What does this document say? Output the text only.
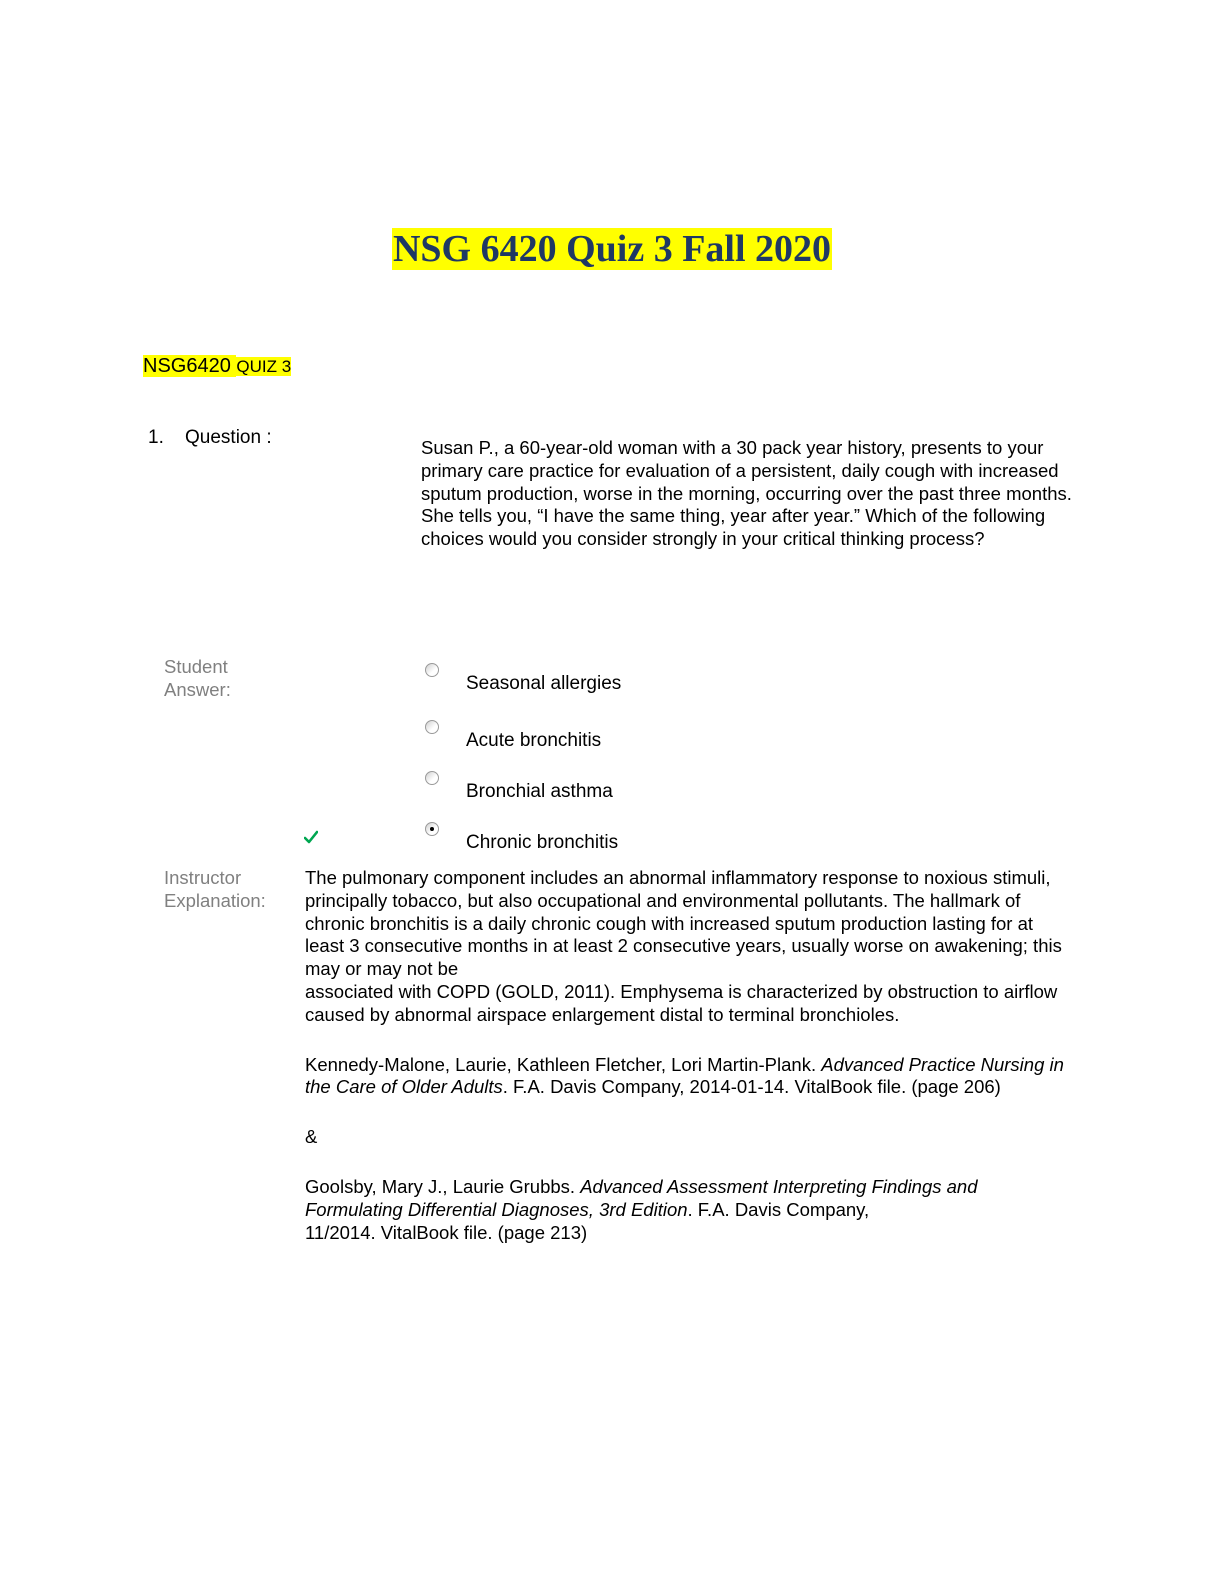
NSG 6420 Quiz 3 Fall 2020
NSG6420 QUIZ 3
1. Question :	Susan P., a 60-year-old woman with a 30 pack year history, presents to your primary care practice for evaluation of a persistent, daily cough with increased sputum production, worse in the morning, occurring over the past three months. She tells you, “I have the same thing, year after year.” Which of the following choices would you consider strongly in your critical thinking process?
Student
Answer:	Seasonal allergies
Acute bronchitis
Bronchial asthma
Chronic bronchitis
Instructor
Explanation:

The pulmonary component includes an abnormal inflammatory response to noxious stimuli, principally tobacco, but also occupational and environmental pollutants. The hallmark of chronic bronchitis is a daily chronic cough with increased sputum production lasting for at least 3 consecutive months in at least 2 consecutive years, usually worse on awakening; this may or may not be
associated with COPD (GOLD, 2011). Emphysema is characterized by obstruction to airflow caused by abnormal airspace enlargement distal to terminal bronchioles.

Kennedy-Malone, Laurie, Kathleen Fletcher, Lori Martin-Plank. Advanced Practice Nursing in the Care of Older Adults. F.A. Davis Company, 2014-01-14. VitalBook file. (page 206)

&

Goolsby, Mary J., Laurie Grubbs. Advanced Assessment Interpreting Findings and Formulating Differential Diagnoses, 3rd Edition. F.A. Davis Company,
11/2014. VitalBook file. (page 213)
